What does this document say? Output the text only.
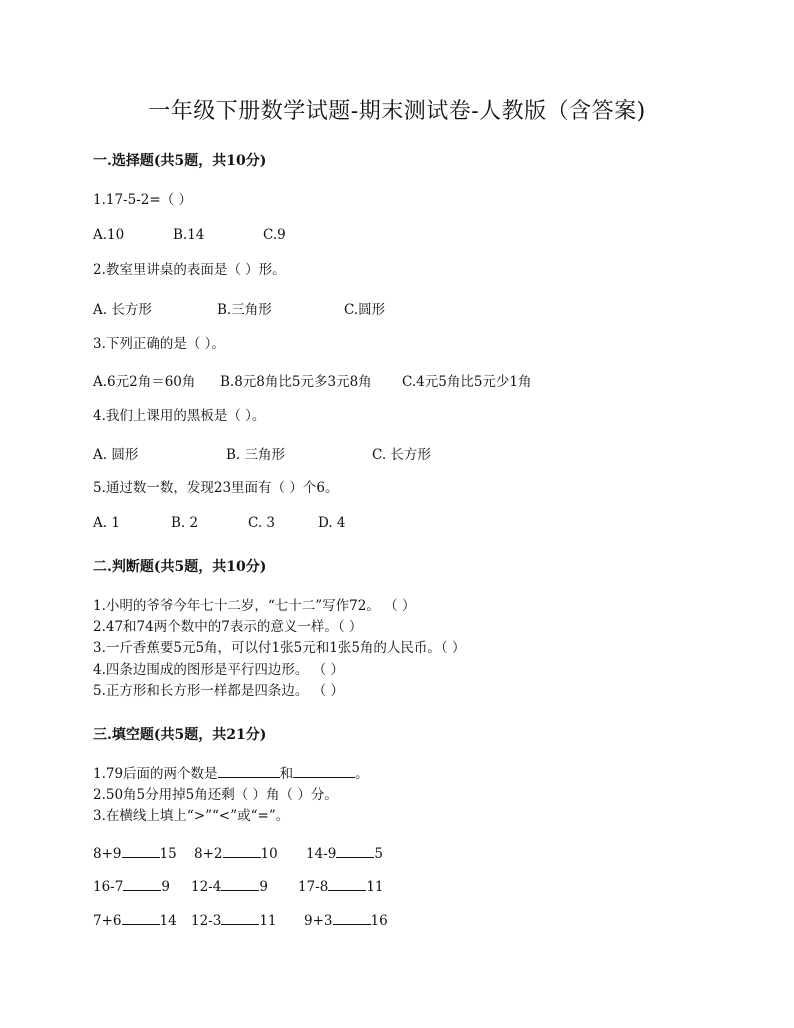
一年级下册数学试题-期末测试卷-人教版（含答案)
一.选择题(共5题，共10分)
1.17-5-2=（ ）
A.10	B.14	C.9
2.教室里讲桌的表面是（ ）形。
A. 长方形	B.三角形	C.圆形
3.下列正确的是（ ）。
A.6元2角＝60角 B.8元8角比5元多3元8角 C.4元5角比5元少1角
4.我们上课用的黑板是（ ）。
A. 圆形	B. 三角形	C. 长方形
5.通过数一数，发现23里面有（ ）个6。
A. 1	B. 2	C. 3	D. 4
二.判断题(共5题，共10分)
1.小明的爷爷今年七十二岁，“七十二”写作72。 （ ）
2.47和74两个数中的7表示的意义一样。（ ）
3.一斤香蕉要5元5角，可以付1张5元和1张5角的人民币。（ ）
4.四条边围成的图形是平行四边形。 （ ）
5.正方形和长方形一样都是四条边。 （ ）
三.填空题(共5题，共21分)
1.79后面的两个数是	和	。
2.50角5分用掉5角还剩（ ）角（ ）分。
3.在横线上填上“>”“<”或“=”。
8+9	15 8+2	10 14-9	5
16-7	9 12-4	9 17-8	11
7+6	14 12-3	11 9+3	16
